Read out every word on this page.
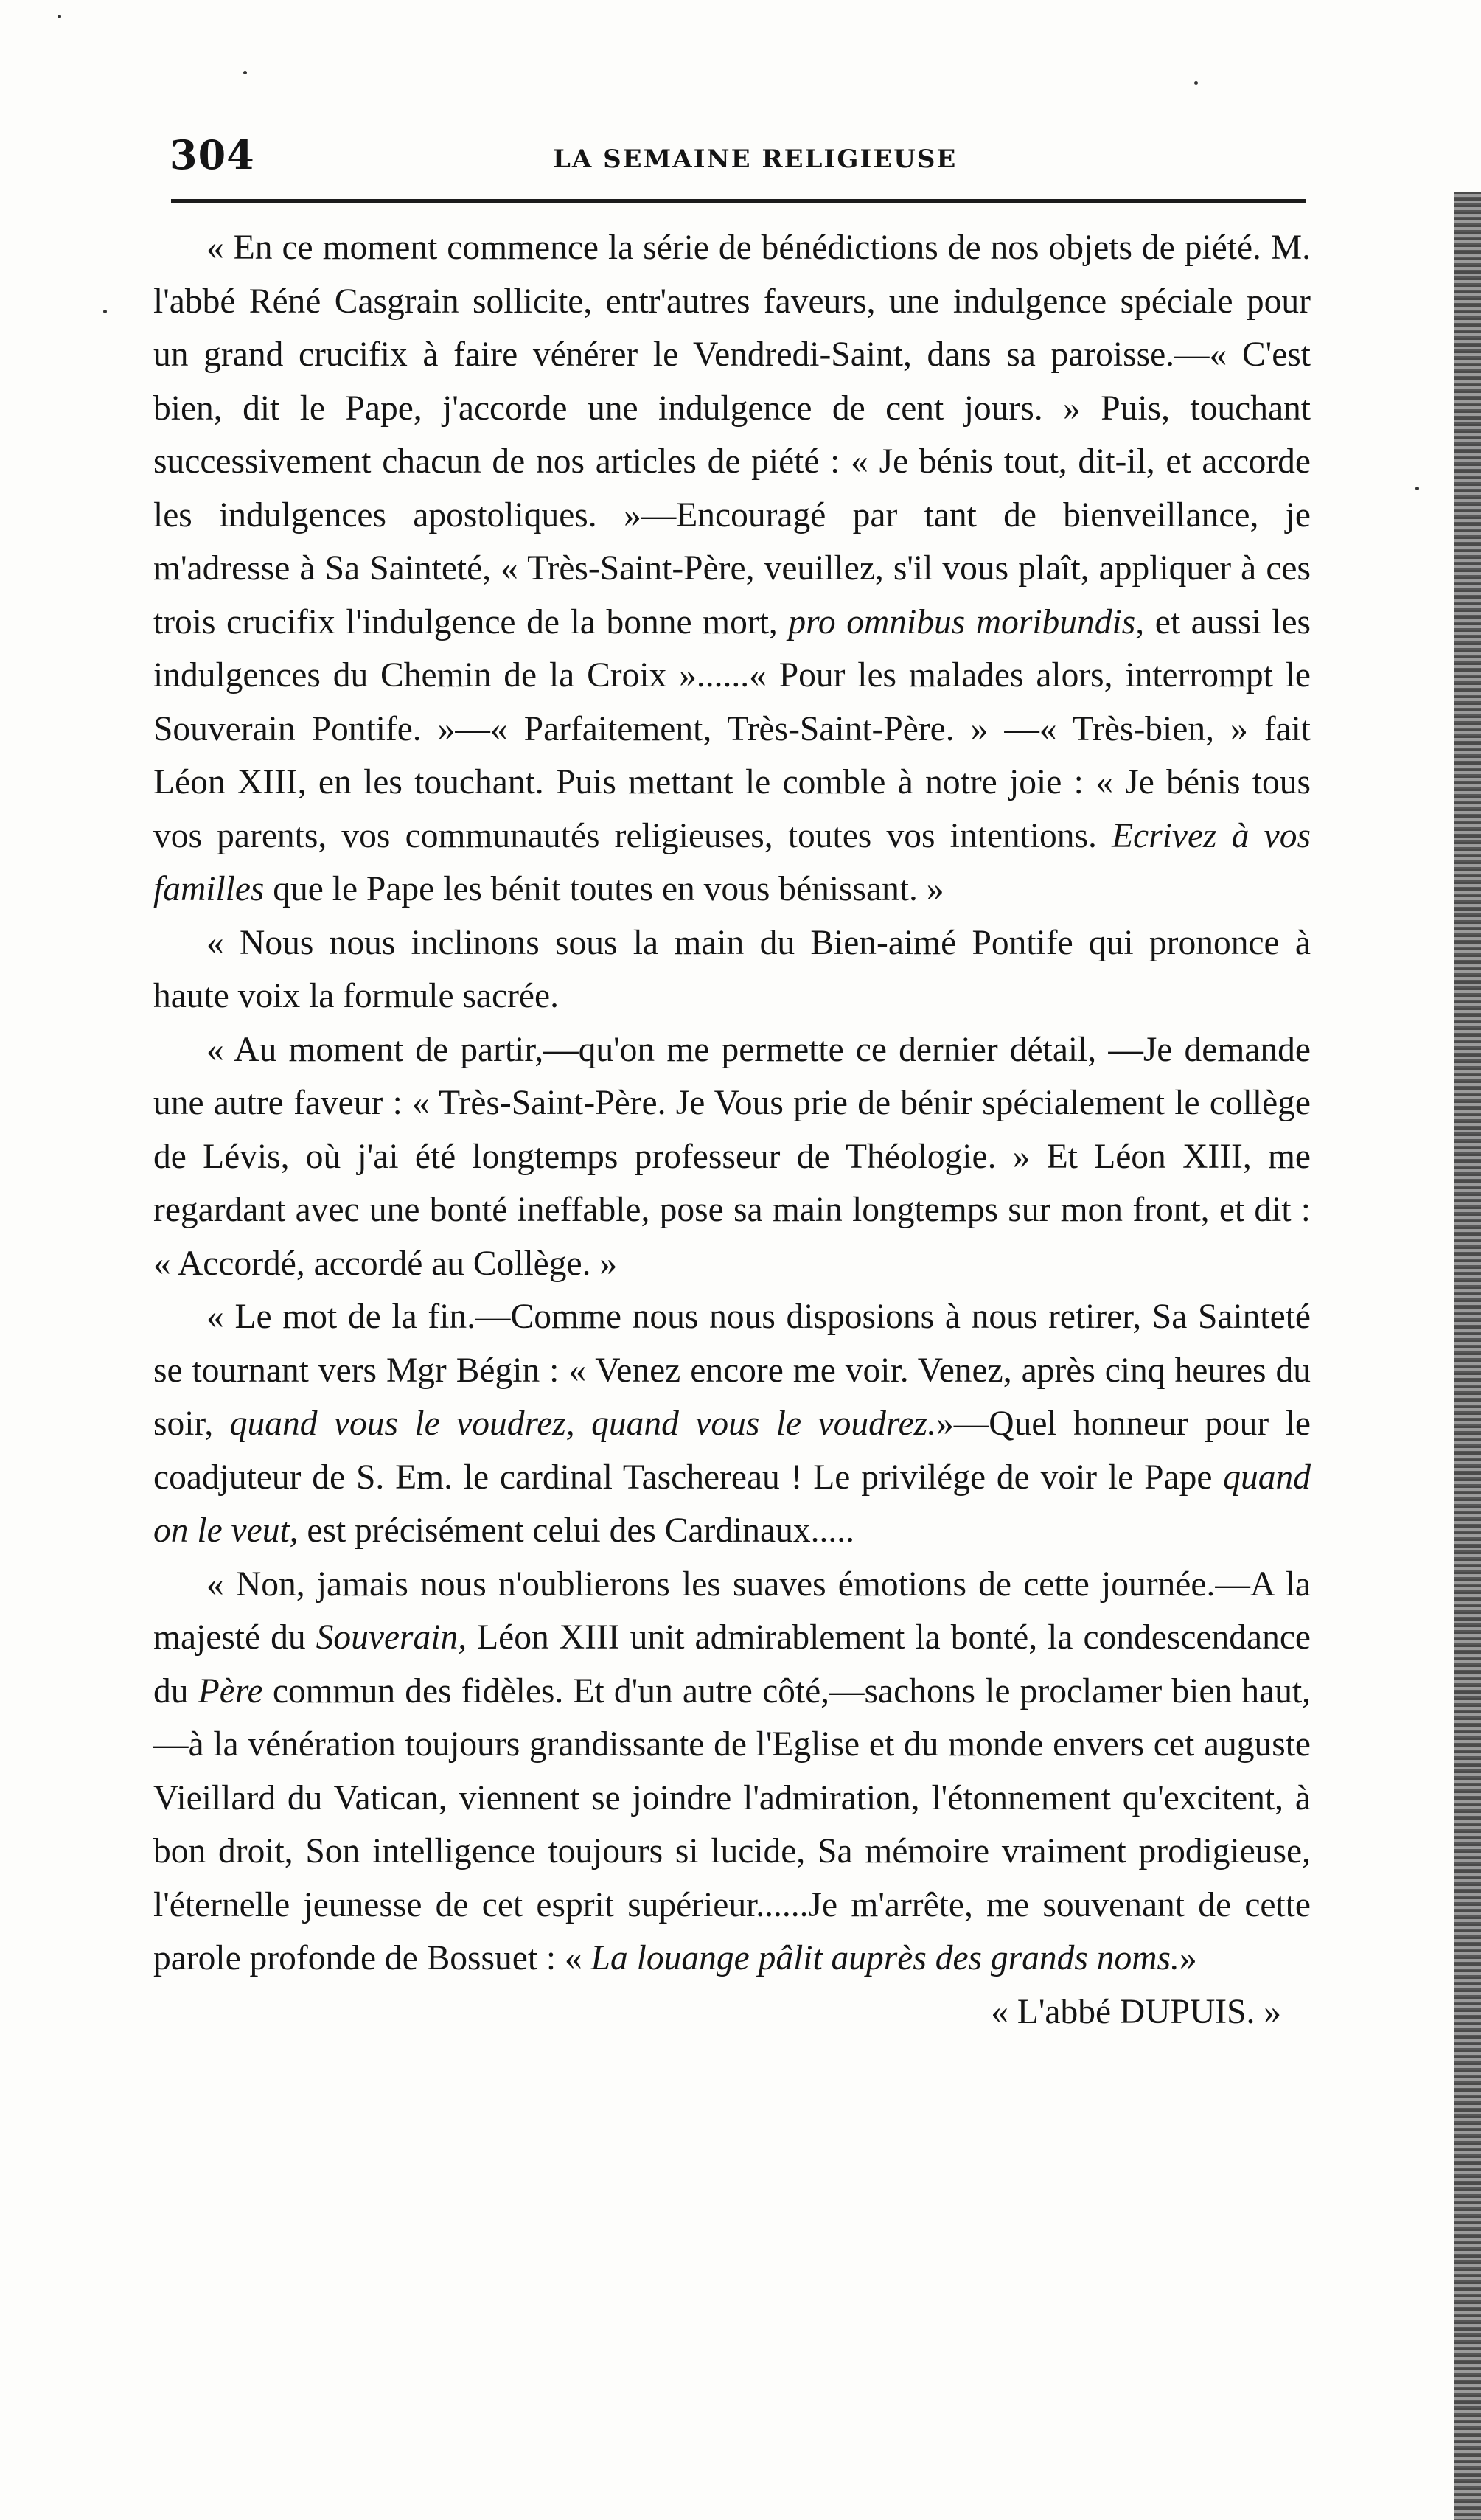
304	LA SEMAINE RELIGIEUSE

« En ce moment commence la série de bénédictions de nos objets de piété. M. l'abbé Réné Casgrain sollicite, entr'autres faveurs, une indulgence spéciale pour un grand crucifix à faire vénérer le Vendredi-Saint, dans sa paroisse.—« C'est bien, dit le Pape, j'accorde une indulgence de cent jours. » Puis, touchant successivement chacun de nos articles de piété : « Je bénis tout, dit-il, et accorde les indulgences apostoliques. »—Encouragé par tant de bienveillance, je m'adresse à Sa Sainteté, « Très-Saint-Père, veuillez, s'il vous plaît, appliquer à ces trois crucifix l'indulgence de la bonne mort, pro omnibus moribundis, et aussi les indulgences du Chemin de la Croix »......« Pour les malades alors, interrompt le Souverain Pontife. »—« Parfaitement, Très-Saint-Père. » —« Très-bien, » fait Léon XIII, en les touchant. Puis mettant le comble à notre joie : « Je bénis tous vos parents, vos communautés religieuses, toutes vos intentions. Ecrivez à vos familles que le Pape les bénit toutes en vous bénissant. »

« Nous nous inclinons sous la main du Bien-aimé Pontife qui prononce à haute voix la formule sacrée.

« Au moment de partir,—qu'on me permette ce dernier détail, —Je demande une autre faveur : « Très-Saint-Père. Je Vous prie de bénir spécialement le collège de Lévis, où j'ai été longtemps professeur de Théologie. » Et Léon XIII, me regardant avec une bonté ineffable, pose sa main longtemps sur mon front, et dit : « Accordé, accordé au Collège. »

« Le mot de la fin.—Comme nous nous disposions à nous retirer, Sa Sainteté se tournant vers Mgr Bégin : « Venez encore me voir. Venez, après cinq heures du soir, quand vous le voudrez, quand vous le voudrez.»—Quel honneur pour le coadjuteur de S. Em. le cardinal Taschereau ! Le privilége de voir le Pape quand on le veut, est précisément celui des Cardinaux.....

« Non, jamais nous n'oublierons les suaves émotions de cette journée.—A la majesté du Souverain, Léon XIII unit admirablement la bonté, la condescendance du Père commun des fidèles. Et d'un autre côté,—sachons le proclamer bien haut,—à la vénération toujours grandissante de l'Eglise et du monde envers cet auguste Vieillard du Vatican, viennent se joindre l'admiration, l'étonnement qu'excitent, à bon droit, Son intelligence toujours si lucide, Sa mémoire vraiment prodigieuse, l'éternelle jeunesse de cet esprit supérieur......Je m'arrête, me souvenant de cette parole profonde de Bossuet : « La louange pâlit auprès des grands noms.»

« L'abbé DUPUIS. »
